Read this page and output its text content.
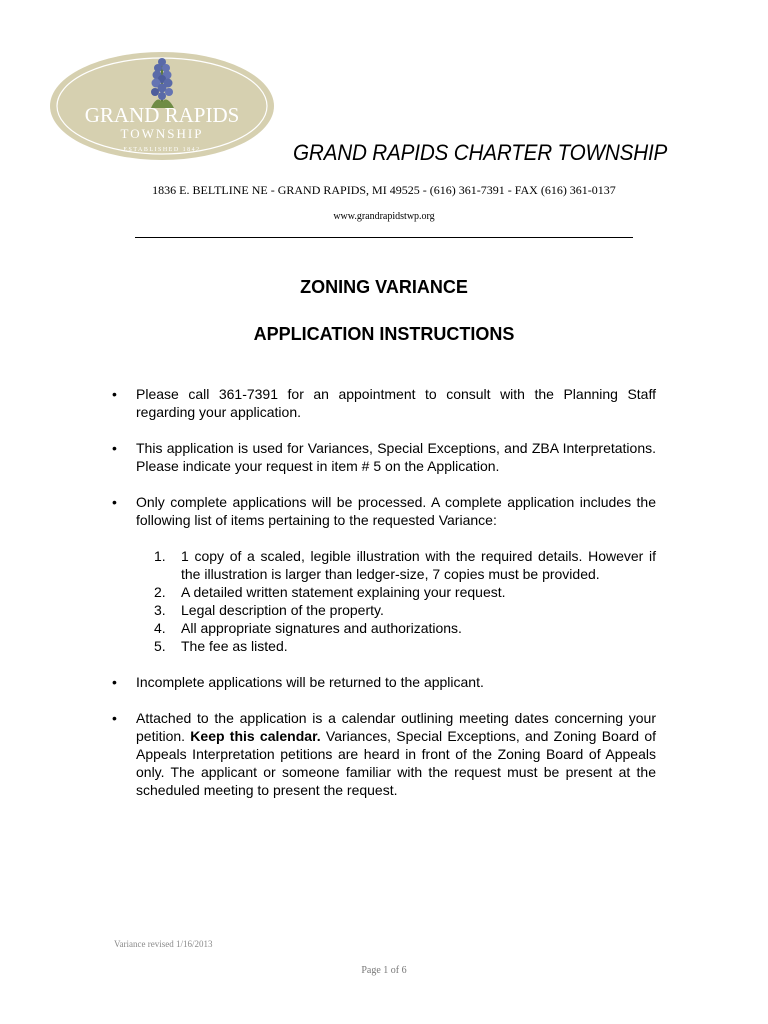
GRAND RAPIDS
TOWNSHIP
ESTABLISHED 1842	GRAND RAPIDS CHARTER TOWNSHIP
1836 E. BELTLINE NE - GRAND RAPIDS, MI 49525 - (616) 361-7391 - FAX (616) 361-0137
www.grandrapidstwp.org
ZONING VARIANCE
APPLICATION INSTRUCTIONS
• Please call 361-7391 for an appointment to consult with the Planning Staff regarding your application.
• This application is used for Variances, Special Exceptions, and ZBA Interpretations. Please indicate your request in item # 5 on the Application.
• Only complete applications will be processed. A complete application includes the following list of items pertaining to the requested Variance:
1. 1 copy of a scaled, legible illustration with the required details. However if the illustration is larger than ledger-size, 7 copies must be provided.
2. A detailed written statement explaining your request.
3. Legal description of the property.
4. All appropriate signatures and authorizations.
5. The fee as listed.
• Incomplete applications will be returned to the applicant.
• Attached to the application is a calendar outlining meeting dates concerning your petition. Keep this calendar. Variances, Special Exceptions, and Zoning Board of Appeals Interpretation petitions are heard in front of the Zoning Board of Appeals only. The applicant or someone familiar with the request must be present at the scheduled meeting to present the request.
Variance revised 1/16/2013
Page 1 of 6
